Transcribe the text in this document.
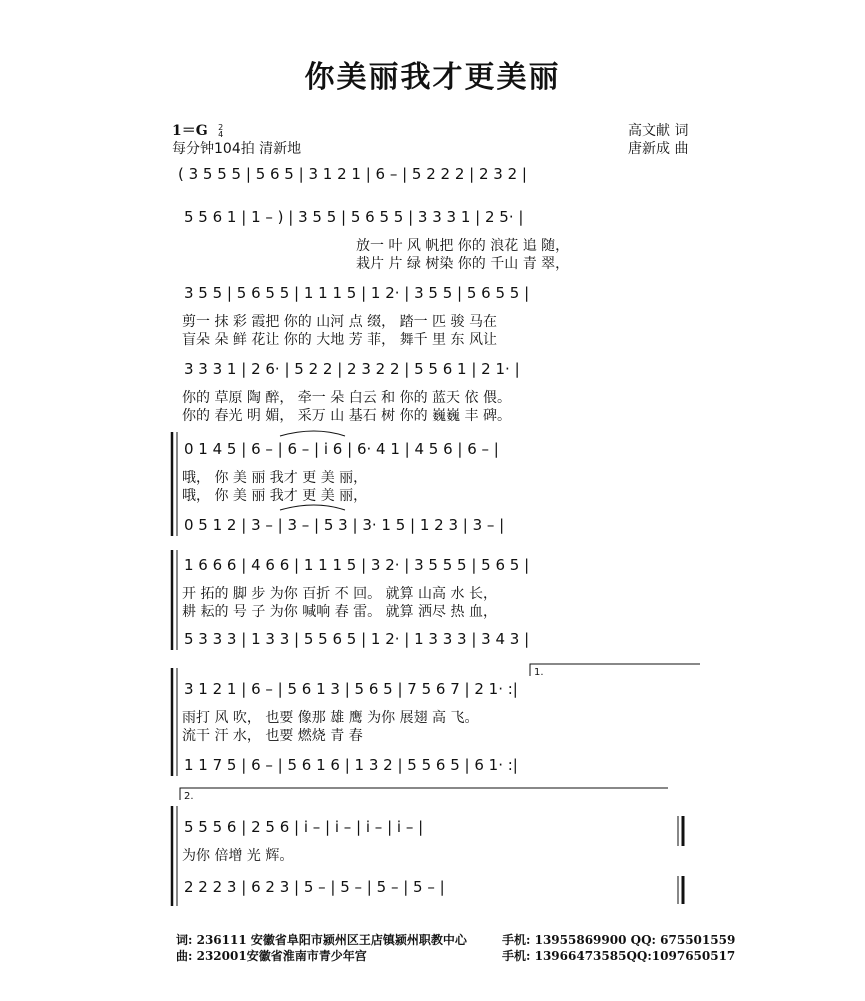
你美丽我才更美丽
1＝G 2
4
每分钟104拍 清新地
高文献 词
唐新成 曲
( 3 5 5 5 | 5 6 5 | 3 1 2 1 | 6 – | 5 2 2 2 | 2 3 2 |
5 5 6 1 | 1 – ) | 3 5 5 | 5 6 5 5 | 3 3 3 1 | 2 5· |
放一 叶 风 帆把 你的 浪花 追 随，
栽片 片 绿 树染 你的 千山 青 翠，
3 5 5 | 5 6 5 5 | 1 1 1 5 | 1 2· | 3 5 5 | 5 6 5 5 |
剪一 抹 彩 霞把 你的 山河 点 缀， 踏一 匹 骏 马在
盲朵 朵 鲜 花让 你的 大地 芳 菲， 舞千 里 东 风让
3 3 3 1 | 2 6· | 5 2 2 | 2 3 2 2 | 5 5 6 1 | 2 1· |
你的 草原 陶 醉， 牵一 朵 白云 和 你的 蓝天 依 偎。
你的 春光 明 媚， 采万 山 基石 树 你的 巍巍 丰 碑。
0 1 4 5 | 6 – | 6 – | i 6 | 6· 4 1 | 4 5 6 | 6 – |
哦， 你 美 丽 我才 更 美 丽，
哦， 你 美 丽 我才 更 美 丽，
0 5 1 2 | 3 – | 3 – | 5 3 | 3· 1 5 | 1 2 3 | 3 – |
1 6 6 6 | 4 6 6 | 1 1 1 5 | 3 2· | 3 5 5 5 | 5 6 5 |
开 拓的 脚 步 为你 百折 不 回。 就算 山高 水 长，
耕 耘的 号 子 为你 喊响 春 雷。 就算 洒尽 热 血，
5 3 3 3 | 1 3 3 | 5 5 6 5 | 1 2· | 1 3 3 3 | 3 4 3 |
1.
3 1 2 1 | 6 – | 5 6 1 3 | 5 6 5 | 7 5 6 7 | 2 1· :|
雨打 风 吹， 也要 像那 雄 鹰 为你 展翅 高 飞。
流干 汗 水， 也要 燃烧 青 春
1 1 7 5 | 6 – | 5 6 1 6 | 1 3 2 | 5 5 6 5 | 6 1· :|
2.
5 5 5 6 | 2 5 6 | i – | i – | i – | i – |
为你 倍增 光 辉。
2 2 2 3 | 6 2 3 | 5 – | 5 – | 5 – | 5 – |
词: 236111 安徽省阜阳市颍州区王店镇颍州职教中心	手机: 13955869900 QQ: 675501559
曲: 232001安徽省淮南市青少年宫	手机: 13966473585QQ:1097650517
